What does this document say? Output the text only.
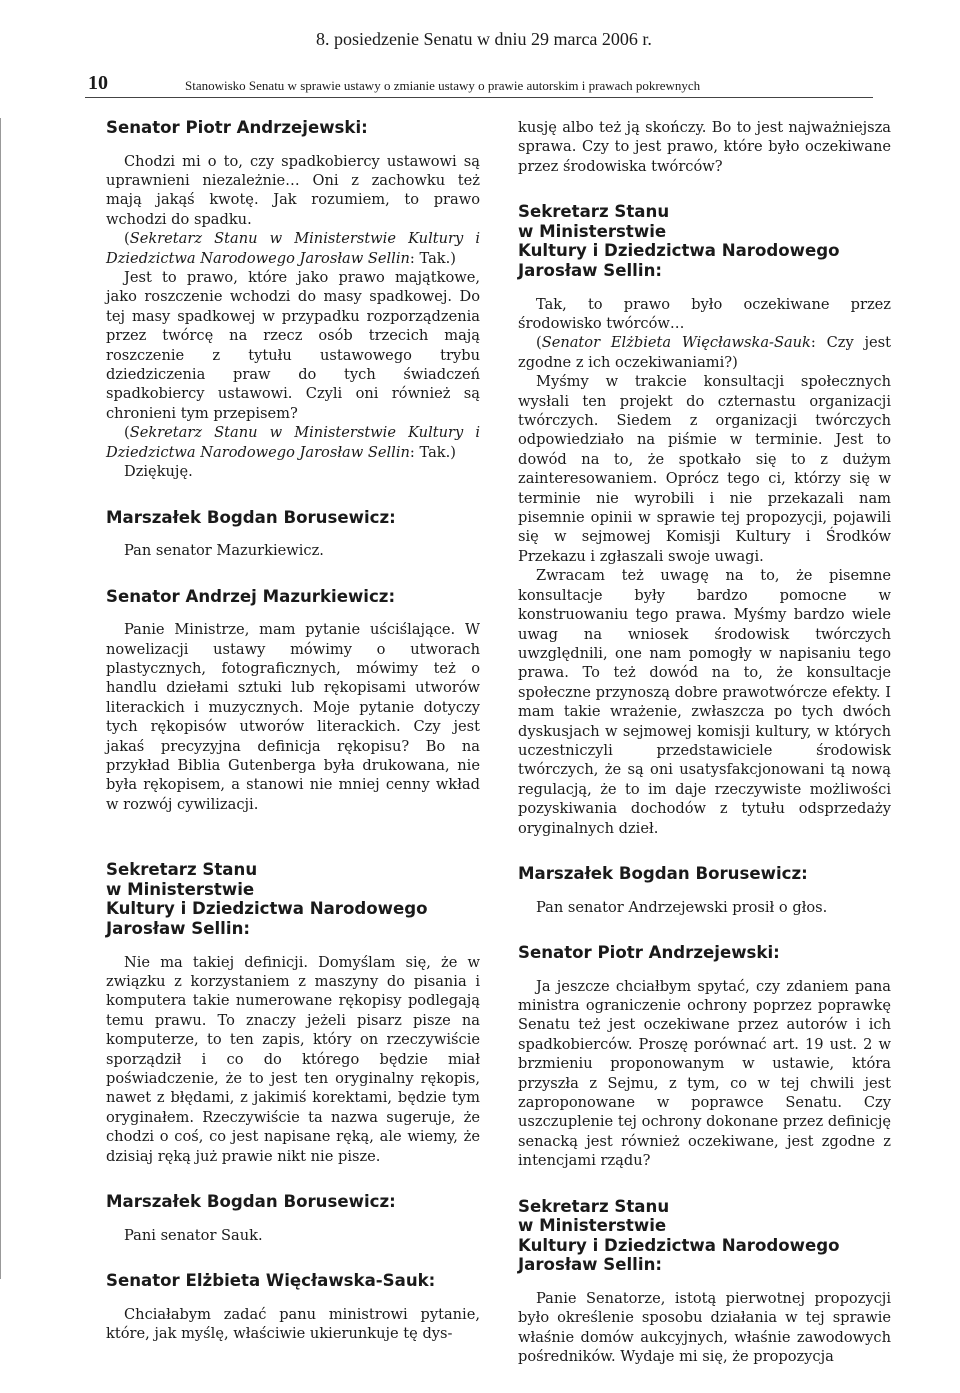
10
8. posiedzenie Senatu w dniu 29 marca 2006 r.
Stanowisko Senatu w sprawie ustawy o zmianie ustawy o prawie autorskim i prawach pokrewnych
Senator Piotr Andrzejewski:

Chodzi mi o to, czy spadkobiercy ustawowi są uprawnieni niezależnie… Oni z zachowku też mają jakąś kwotę. Jak rozumiem, to prawo wchodzi do spadku.

(Sekretarz Stanu w Ministerstwie Kultury i Dziedzictwa Narodowego Jarosław Sellin: Tak.)

Jest to prawo, które jako prawo majątkowe, jako roszczenie wchodzi do masy spadkowej. Do tej masy spadkowej w przypadku rozporządzenia przez twórcę na rzecz osób trzecich mają roszczenie z tytułu ustawowego trybu dziedziczenia praw do tych świadczeń spadkobiercy ustawowi. Czyli oni również są chronieni tym przepisem?

(Sekretarz Stanu w Ministerstwie Kultury i Dziedzictwa Narodowego Jarosław Sellin: Tak.)

Dziękuję.

Marszałek Bogdan Borusewicz:

Pan senator Mazurkiewicz.

Senator Andrzej Mazurkiewicz:

Panie Ministrze, mam pytanie uściślające. W nowelizacji ustawy mówimy o utworach plastycznych, fotograficznych, mówimy też o handlu dziełami sztuki lub rękopisami utworów literackich i muzycznych. Moje pytanie dotyczy tych rękopisów utworów literackich. Czy jest jakaś precyzyjna definicja rękopisu? Bo na przykład Biblia Gutenberga była drukowana, nie była rękopisem, a stanowi nie mniej cenny wkład w rozwój cywilizacji.

Sekretarz Stanu
w Ministerstwie
Kultury i Dziedzictwa Narodowego
Jarosław Sellin:

Nie ma takiej definicji. Domyślam się, że w związku z korzystaniem z maszyny do pisania i komputera takie numerowane rękopisy podlegają temu prawu. To znaczy jeżeli pisarz pisze na komputerze, to ten zapis, który on rzeczywiście sporządził i co do którego będzie miał poświadczenie, że to jest ten oryginalny rękopis, nawet z błędami, z jakimiś korektami, będzie tym oryginałem. Rzeczywiście ta nazwa sugeruje, że chodzi o coś, co jest napisane ręką, ale wiemy, że dzisiaj ręką już prawie nikt nie pisze.

Marszałek Bogdan Borusewicz:

Pani senator Sauk.

Senator Elżbieta Więcławska-Sauk:

Chciałabym zadać panu ministrowi pytanie, które, jak myślę, właściwie ukierunkuje tę dys-

kusję albo też ją skończy. Bo to jest najważniejsza sprawa. Czy to jest prawo, które było oczekiwane przez środowiska twórców?

Sekretarz Stanu
w Ministerstwie
Kultury i Dziedzictwa Narodowego
Jarosław Sellin:

Tak, to prawo było oczekiwane przez środowisko twórców…

(Senator Elżbieta Więcławska-Sauk: Czy jest zgodne z ich oczekiwaniami?)

Myśmy w trakcie konsultacji społecznych wysłali ten projekt do czternastu organizacji twórczych. Siedem z organizacji twórczych odpowiedziało na piśmie w terminie. Jest to dowód na to, że spotkało się to z dużym zainteresowaniem. Oprócz tego ci, którzy się w terminie nie wyrobili i nie przekazali nam pisemnie opinii w sprawie tej propozycji, pojawili się w sejmowej Komisji Kultury i Środków Przekazu i zgłaszali swoje uwagi.

Zwracam też uwagę na to, że pisemne konsultacje były bardzo pomocne w konstruowaniu tego prawa. Myśmy bardzo wiele uwag na wniosek środowisk twórczych uwzględnili, one nam pomogły w napisaniu tego prawa. To też dowód na to, że konsultacje społeczne przynoszą dobre prawotwórcze efekty. I mam takie wrażenie, zwłaszcza po tych dwóch dyskusjach w sejmowej komisji kultury, w których uczestniczyli przedstawiciele środowisk twórczych, że są oni usatysfakcjonowani tą nową regulacją, że to im daje rzeczywiste możliwości pozyskiwania dochodów z tytułu odsprzedaży oryginalnych dzieł.

Marszałek Bogdan Borusewicz:

Pan senator Andrzejewski prosił o głos.

Senator Piotr Andrzejewski:

Ja jeszcze chciałbym spytać, czy zdaniem pana ministra ograniczenie ochrony poprzez poprawkę Senatu też jest oczekiwane przez autorów i ich spadkobierców. Proszę porównać art. 19 ust. 2 w brzmieniu proponowanym w ustawie, która przyszła z Sejmu, z tym, co w tej chwili jest zaproponowane w poprawce Senatu. Czy uszczuplenie tej ochrony dokonane przez definicję senacką jest również oczekiwane, jest zgodne z intencjami rządu?

Sekretarz Stanu
w Ministerstwie
Kultury i Dziedzictwa Narodowego
Jarosław Sellin:

Panie Senatorze, istotą pierwotnej propozycji było określenie sposobu działania w tej sprawie właśnie domów aukcyjnych, właśnie zawodowych pośredników. Wydaje mi się, że propozycja
